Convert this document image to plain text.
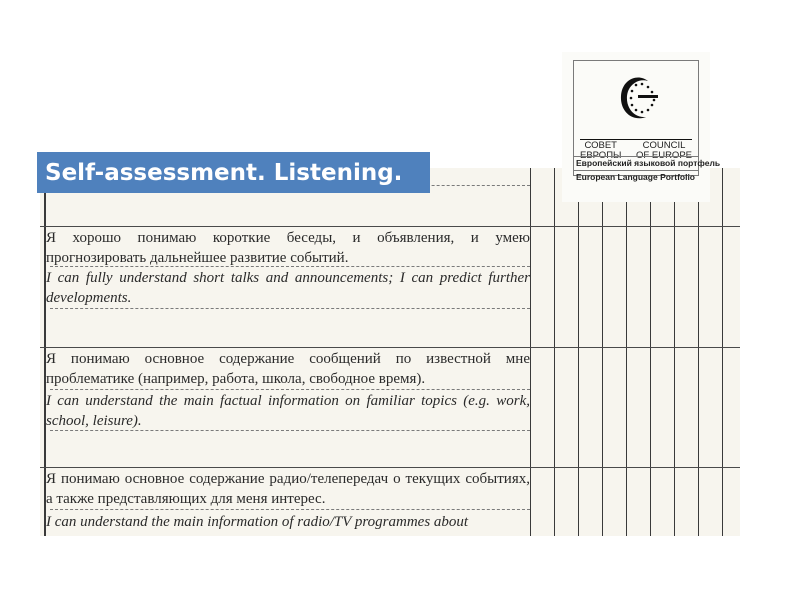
Я хорошо понимаю короткие беседы, и объявления, и умею прогнозировать дальнейшее развитие событий.
I can fully understand short talks and announcements; I can predict further developments.
Я понимаю основное содержание сообщений по известной мне проблематике (например, работа, школа, свободное время).
I can understand the main factual information on familiar topics (e.g. work, school, leisure).
Я понимаю основное содержание радио/телепередач о текущих событиях, а также представляющих для меня интерес.
I can understand the main information of radio/TV programmes about
Self-assessment. Listening.
СОВЕТ
ЕВРОПЫ
COUNCIL
OF EUROPE
Европейский языковой портфель
European Language Portfolio
